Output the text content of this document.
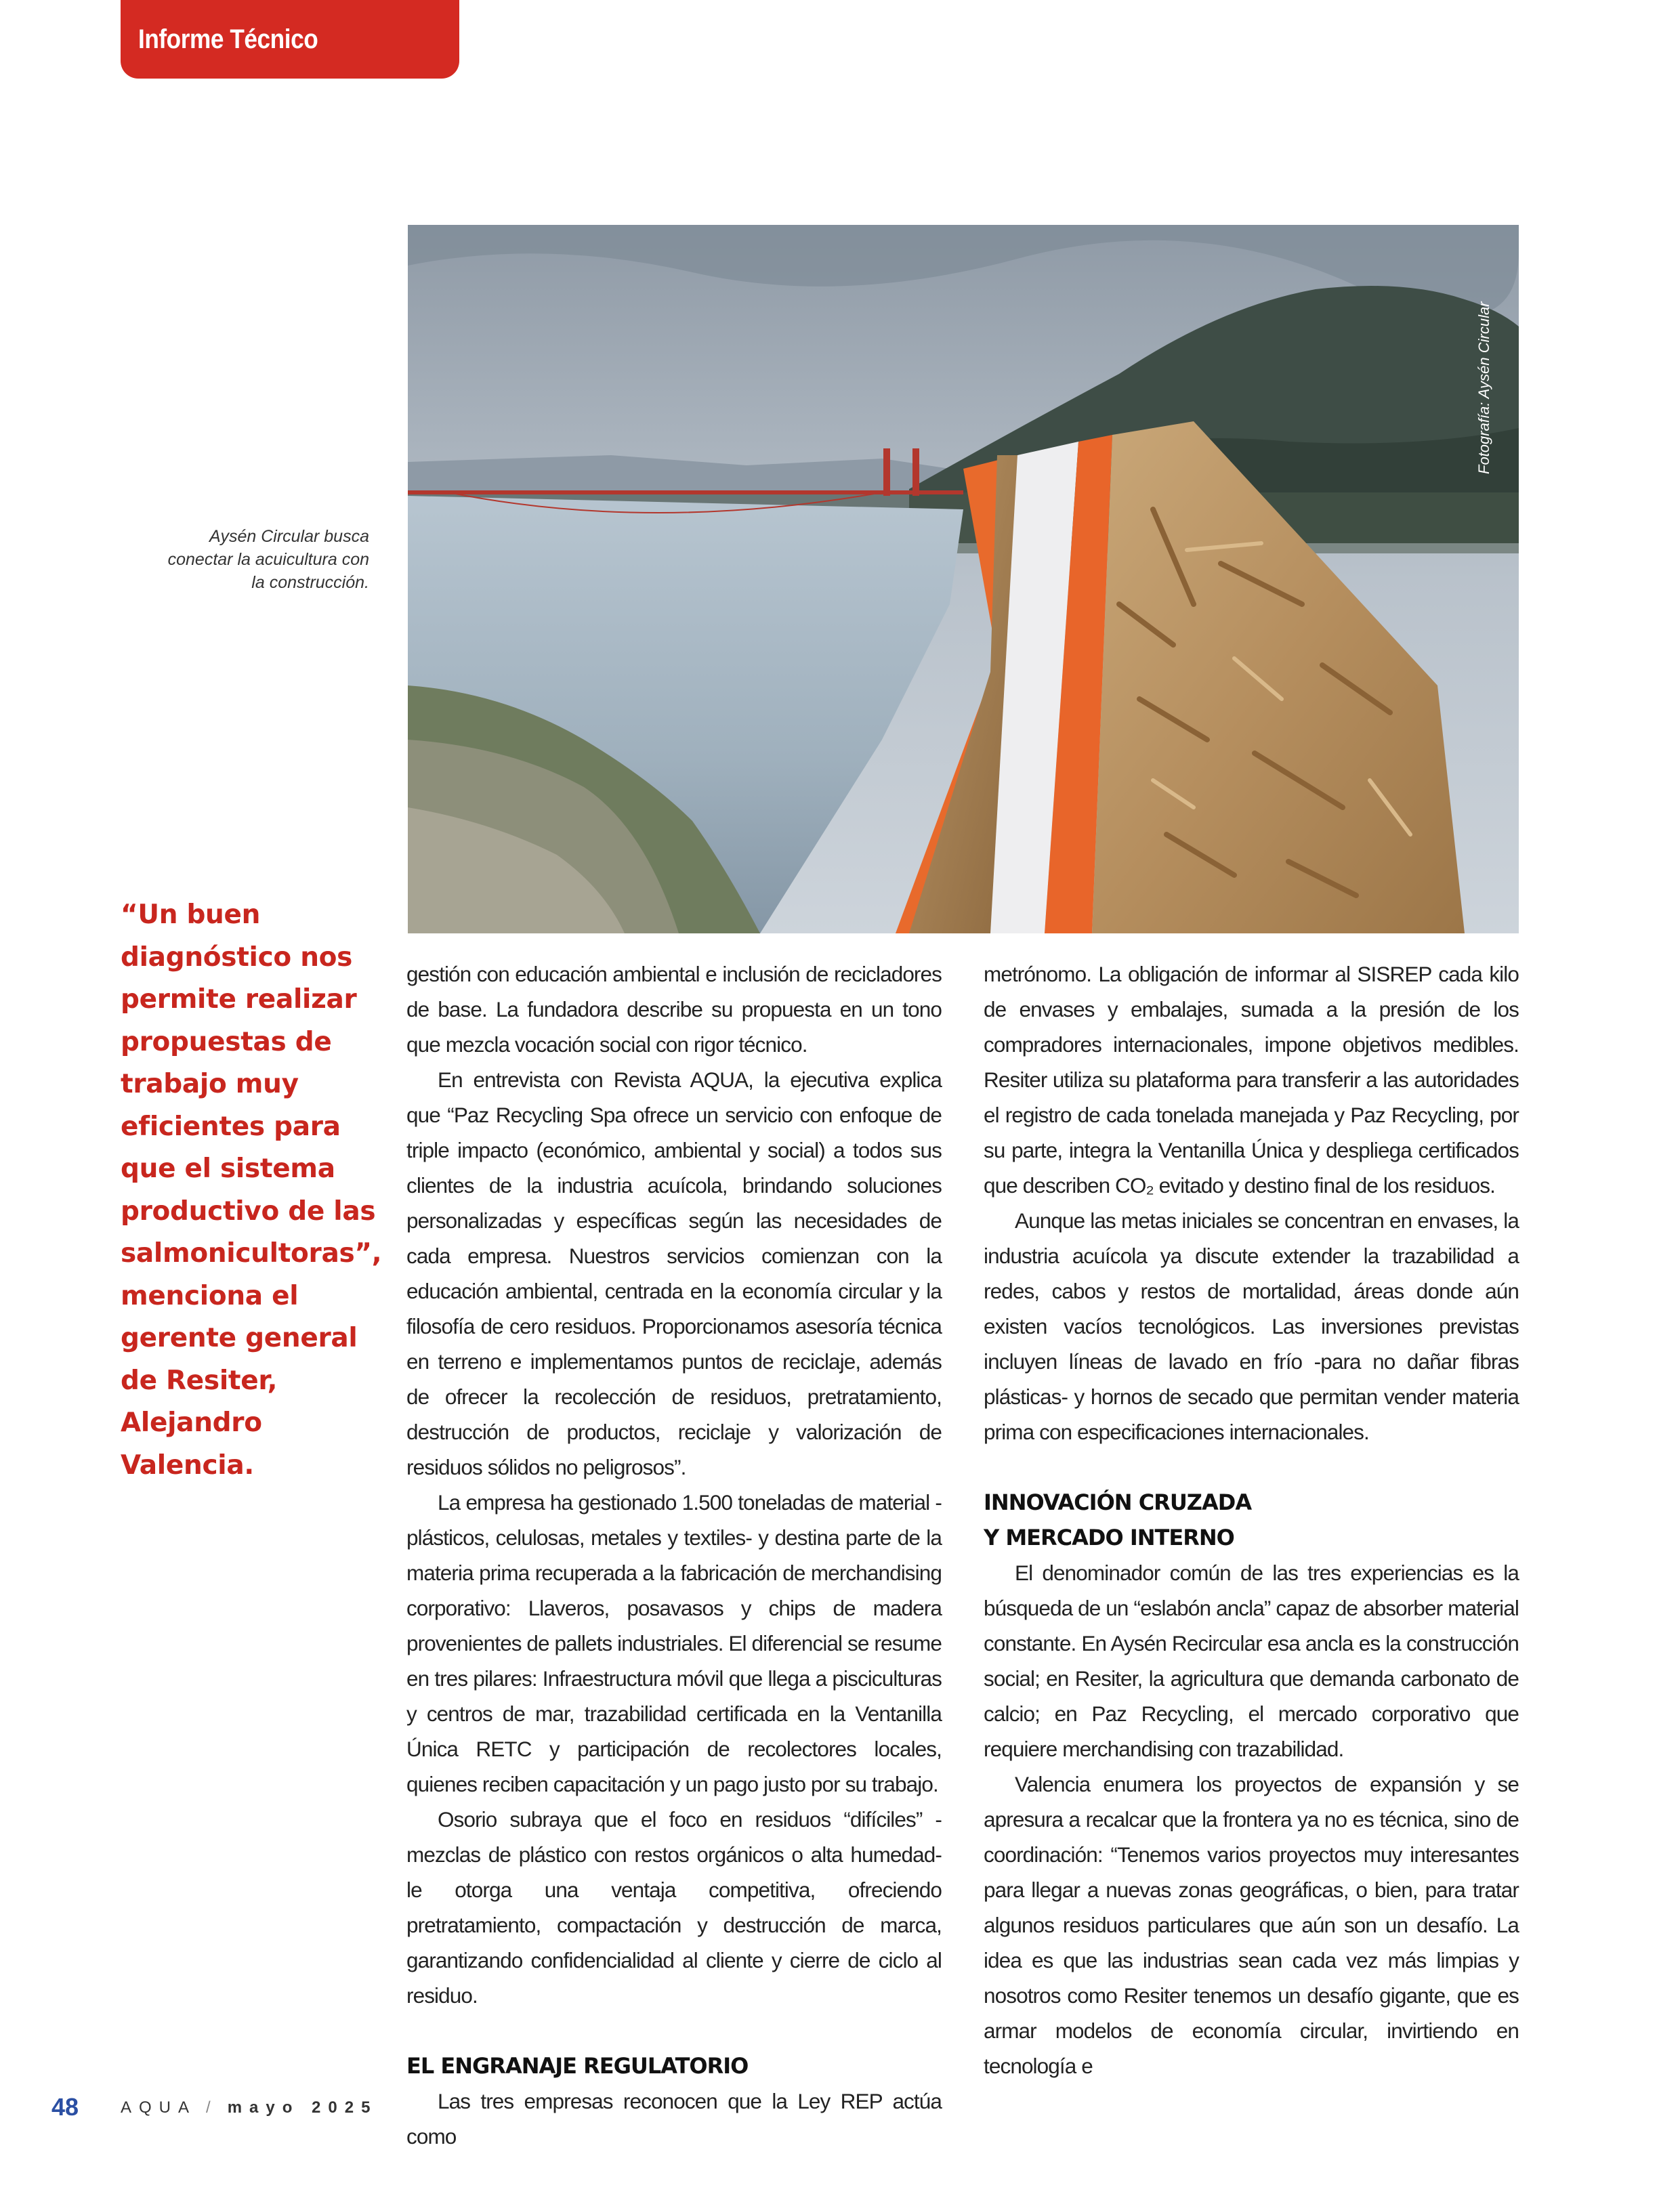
Informe Técnico
Fotografía: Aysén Circular
Aysén Circular busca conectar la acuicultura con la construcción.
“Un buen diagnóstico nos permite realizar propuestas de trabajo muy eficientes para que el sistema productivo de las salmonicultoras”, menciona el gerente general de Resiter, Alejandro Valencia.

gestión con educación ambiental e inclusión de recicladores de base. La fundadora describe su propuesta en un tono que mezcla vocación social con rigor técnico.

En entrevista con Revista AQUA, la ejecutiva explica que “Paz Recycling Spa ofrece un servicio con enfoque de triple impacto (económico, ambiental y social) a todos sus clientes de la industria acuícola, brindando soluciones personalizadas y específicas según las necesidades de cada empresa. Nuestros servicios comienzan con la educación ambiental, centrada en la economía circular y la filosofía de cero residuos. Proporcionamos asesoría técnica en terreno e implementamos puntos de reciclaje, además de ofrecer la recolección de residuos, pretratamiento, destrucción de productos, reciclaje y valorización de residuos sólidos no peligrosos”.

La empresa ha gestionado 1.500 toneladas de material -plásticos, celulosas, metales y textiles- y destina parte de la materia prima recuperada a la fabricación de merchandising corporativo: Llaveros, posavasos y chips de madera provenientes de pallets industriales. El diferencial se resume en tres pilares: Infraestructura móvil que llega a pisciculturas y centros de mar, trazabilidad certificada en la Ventanilla Única RETC y participación de recolectores locales, quienes reciben capacitación y un pago justo por su trabajo.

Osorio subraya que el foco en residuos “difíciles” -mezclas de plástico con restos orgánicos o alta humedad- le otorga una ventaja competitiva, ofreciendo pretratamiento, compactación y destrucción de marca, garantizando confidencialidad al cliente y cierre de ciclo al residuo.

EL ENGRANAJE REGULATORIO

Las tres empresas reconocen que la Ley REP actúa como

metrónomo. La obligación de informar al SISREP cada kilo de envases y embalajes, sumada a la presión de los compradores internacionales, impone objetivos medibles. Resiter utiliza su plataforma para transferir a las autoridades el registro de cada tonelada manejada y Paz Recycling, por su parte, integra la Ventanilla Única y despliega certificados que describen CO₂ evitado y destino final de los residuos.

Aunque las metas iniciales se concentran en envases, la industria acuícola ya discute extender la trazabilidad a redes, cabos y restos de mortalidad, áreas donde aún existen vacíos tecnológicos. Las inversiones previstas incluyen líneas de lavado en frío -para no dañar fibras plásticas- y hornos de secado que permitan vender materia prima con especificaciones internacionales.

INNOVACIÓN CRUZADA
Y MERCADO INTERNO

El denominador común de las tres experiencias es la búsqueda de un “eslabón ancla” capaz de absorber material constante. En Aysén Recircular esa ancla es la construcción social; en Resiter, la agricultura que demanda carbonato de calcio; en Paz Recycling, el mercado corporativo que requiere merchandising con trazabilidad.

Valencia enumera los proyectos de expansión y se apresura a recalcar que la frontera ya no es técnica, sino de coordinación: “Tenemos varios proyectos muy interesantes para llegar a nuevas zonas geográficas, o bien, para tratar algunos residuos particulares que aún son un desafío. La idea es que las industrias sean cada vez más limpias y nosotros como Resiter tenemos un desafío gigante, que es armar modelos de economía circular, invirtiendo en tecnología e

48	AQUA / mayo 2025
